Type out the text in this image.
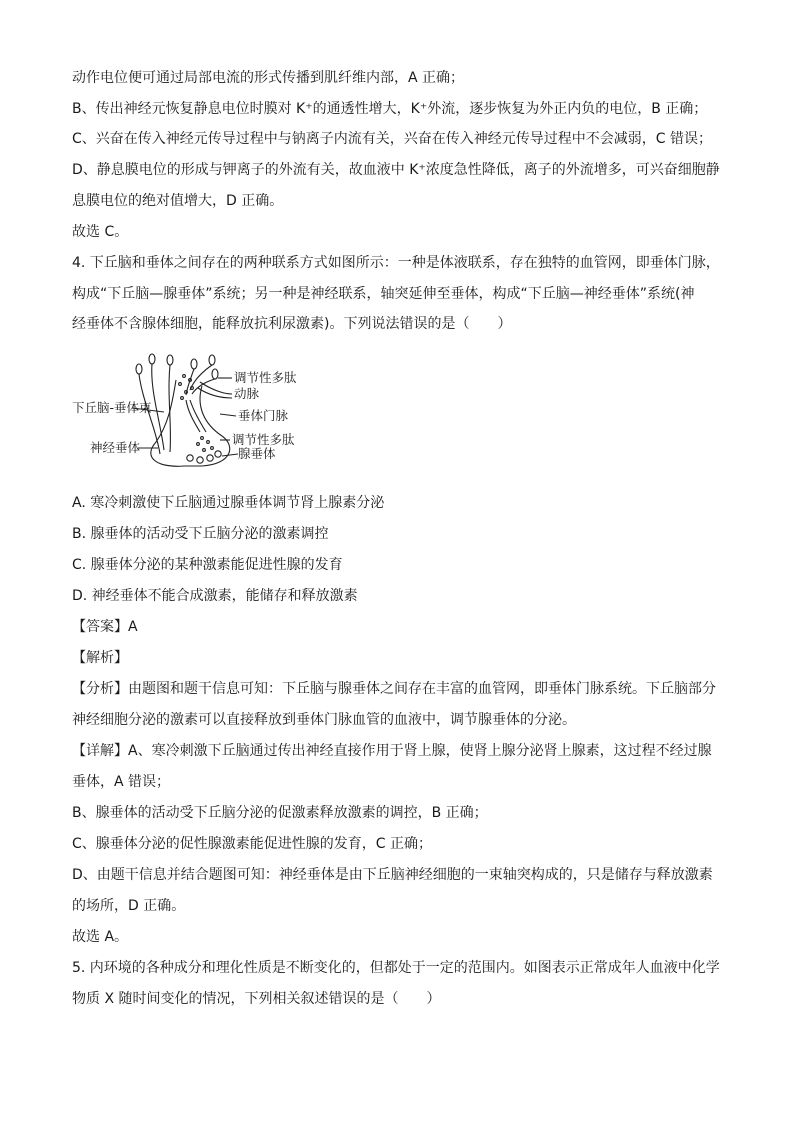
动作电位便可通过局部电流的形式传播到肌纤维内部，A 正确；
B、传出神经元恢复静息电位时膜对 K⁺的通透性增大，K⁺外流，逐步恢复为外正内负的电位，B 正确；
C、兴奋在传入神经元传导过程中与钠离子内流有关，兴奋在传入神经元传导过程中不会减弱，C 错误；
D、静息膜电位的形成与钾离子的外流有关，故血液中 K⁺浓度急性降低，离子的外流增多，可兴奋细胞静
息膜电位的绝对值增大，D 正确。
故选 C。
4. 下丘脑和垂体之间存在的两种联系方式如图所示：一种是体液联系，存在独特的血管网，即垂体门脉，
构成“下丘脑—腺垂体”系统；另一种是神经联系，轴突延伸至垂体，构成“下丘脑—神经垂体”系统(神
经垂体不含腺体细胞，能释放抗利尿激素)。下列说法错误的是（　　）
调节性多肽
动脉
下丘脑-垂体束
垂体门脉
神经垂体
调节性多肽
腺垂体
A. 寒冷刺激使下丘脑通过腺垂体调节肾上腺素分泌
B. 腺垂体的活动受下丘脑分泌的激素调控
C. 腺垂体分泌的某种激素能促进性腺的发育
D. 神经垂体不能合成激素，能储存和释放激素
【答案】A
【解析】
【分析】由题图和题干信息可知：下丘脑与腺垂体之间存在丰富的血管网，即垂体门脉系统。下丘脑部分
神经细胞分泌的激素可以直接释放到垂体门脉血管的血液中，调节腺垂体的分泌。
【详解】A、寒冷刺激下丘脑通过传出神经直接作用于肾上腺，使肾上腺分泌肾上腺素，这过程不经过腺
垂体，A 错误；
B、腺垂体的活动受下丘脑分泌的促激素释放激素的调控，B 正确；
C、腺垂体分泌的促性腺激素能促进性腺的发育，C 正确；
D、由题干信息并结合题图可知：神经垂体是由下丘脑神经细胞的一束轴突构成的，只是储存与释放激素
的场所，D 正确。
故选 A。
5. 内环境的各种成分和理化性质是不断变化的，但都处于一定的范围内。如图表示正常成年人血液中化学
物质 X 随时间变化的情况，下列相关叙述错误的是（　　）
